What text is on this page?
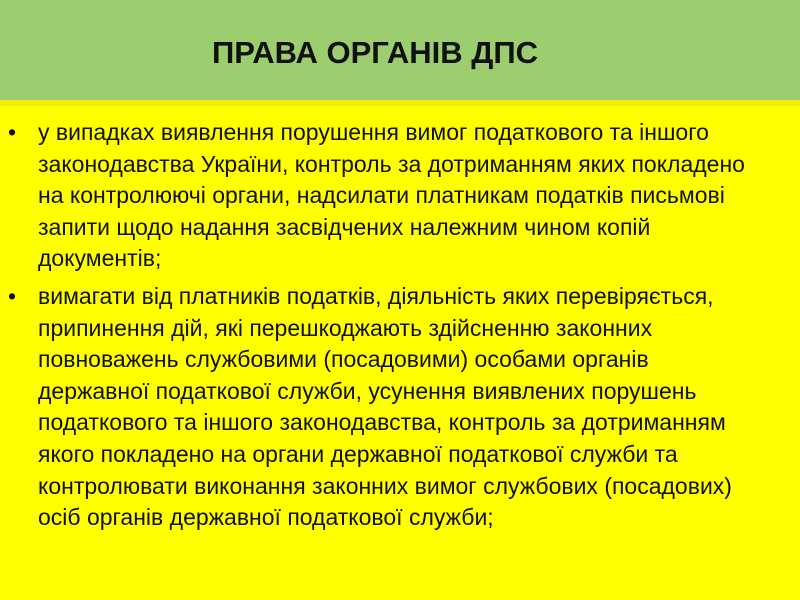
ПРАВА ОРГАНІВ ДПС
• у випадках виявлення порушення вимог податкового та іншого законодавства України, контроль за дотриманням яких покладено на контролюючі органи, надсилати платникам податків письмові запити щодо надання засвідчених належним чином копій документів;
• вимагати від платників податків, діяльність яких перевіряється, припинення дій, які перешкоджають здійсненню законних повноважень службовими (посадовими) особами органів державної податкової служби, усунення виявлених порушень податкового та іншого законодавства, контроль за дотриманням якого покладено на органи державної податкової служби та контролювати виконання законних вимог службових (посадових) осіб органів державної податкової служби;
